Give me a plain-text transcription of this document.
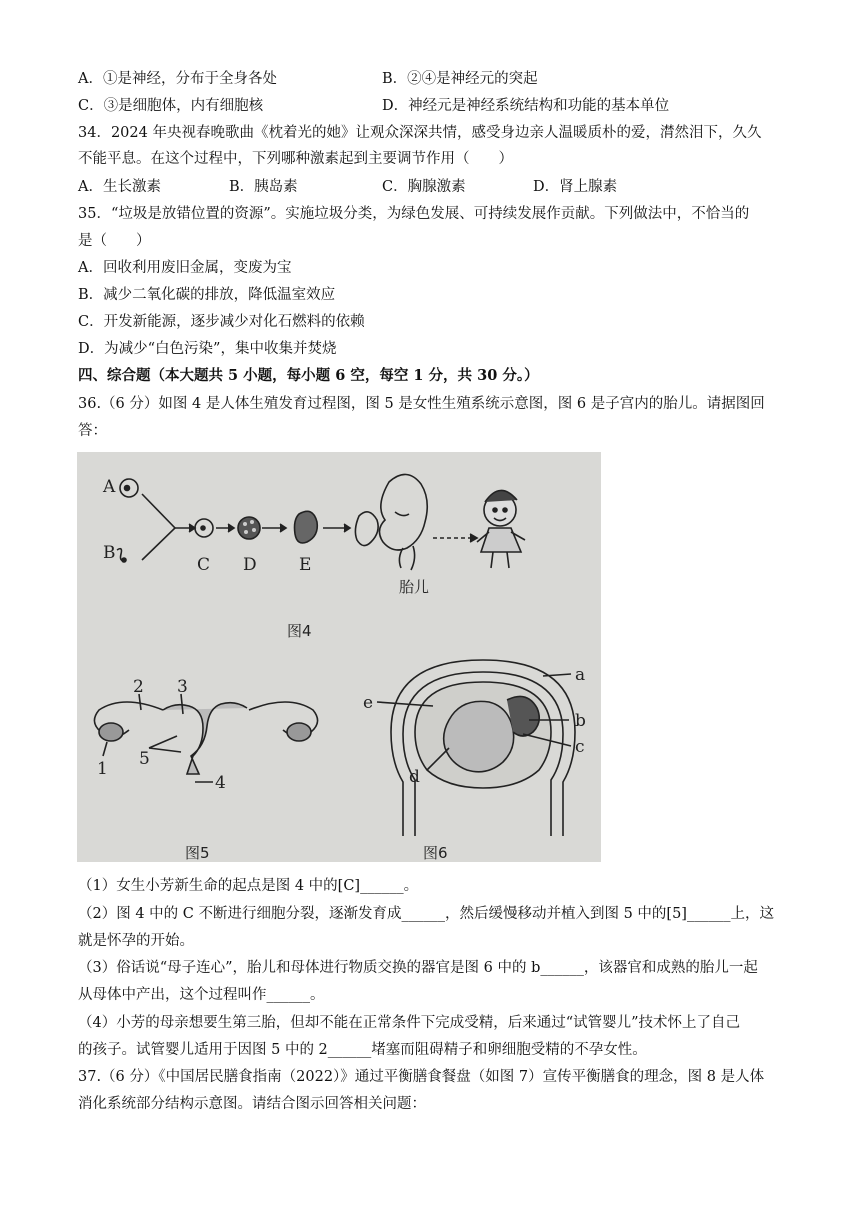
A．①是神经，分布于全身各处	B．②④是神经元的突起
C．③是细胞体，内有细胞核	D．神经元是神经系统结构和功能的基本单位
34．2024 年央视春晚歌曲《枕着光的她》让观众深深共情，感受身边亲人温暖质朴的爱，潸然泪下，久久
不能平息。在这个过程中，下列哪种激素起到主要调节作用（　　）
A．生长激素	B．胰岛素	C．胸腺激素	D．肾上腺素
35．“垃圾是放错位置的资源”。实施垃圾分类，为绿色发展、可持续发展作贡献。下列做法中，不恰当的
是（　　）
A．回收利用废旧金属，变废为宝
B．减少二氧化碳的排放，降低温室效应
C．开发新能源，逐步减少对化石燃料的依赖
D．为减少“白色污染”，集中收集并焚烧
四、综合题（本大题共 5 小题，每小题 6 空，每空 1 分，共 30 分。）
36.（6 分）如图 4 是人体生殖发育过程图，图 5 是女性生殖系统示意图，图 6 是子宫内的胎儿。请据图回
答：
A
B
C D E
胎儿
图4
2 3
5
1
4
图5
a
b
c
d
e
图6
（1）女生小芳新生命的起点是图 4 中的[C]______。
（2）图 4 中的 C 不断进行细胞分裂，逐渐发育成______，然后缓慢移动并植入到图 5 中的[5]______上，这
就是怀孕的开始。
（3）俗话说“母子连心”，胎儿和母体进行物质交换的器官是图 6 中的 b______，该器官和成熟的胎儿一起
从母体中产出，这个过程叫作______。
（4）小芳的母亲想要生第三胎，但却不能在正常条件下完成受精，后来通过“试管婴儿”技术怀上了自己
的孩子。试管婴儿适用于因图 5 中的 2______堵塞而阻碍精子和卵细胞受精的不孕女性。
37.（6 分）《中国居民膳食指南（2022）》通过平衡膳食餐盘（如图 7）宣传平衡膳食的理念，图 8 是人体
消化系统部分结构示意图。请结合图示回答相关问题：
